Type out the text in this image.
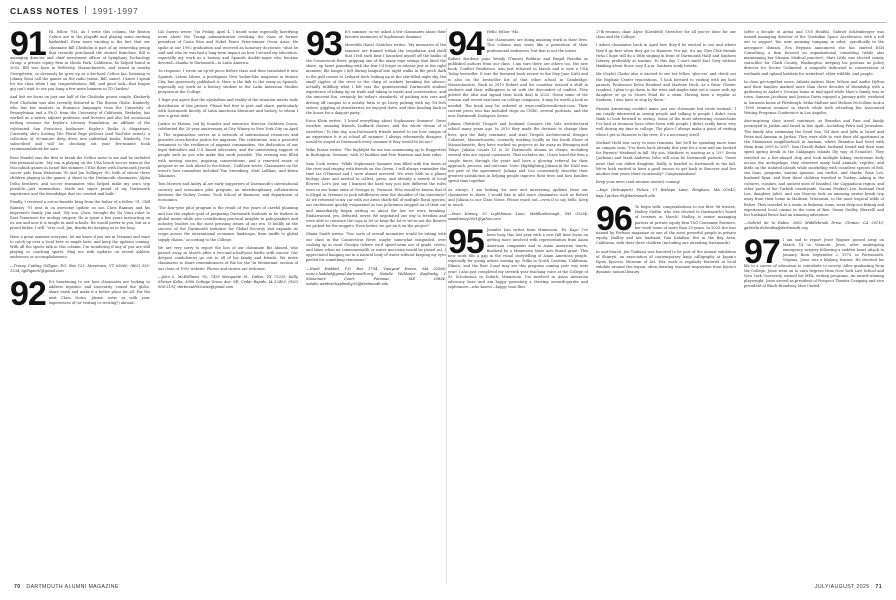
CLASS NOTES 1991-1997
91 Hi, fellow '91s. As I write this column, the Boston Celtics are in the playoffs and playing some exciting basketball. Even more exciting is the fact that our classmate Bill Chisholm is part of an ownership group that recently purchased the storied franchise. Bill is managing director and chief investment officer of Symphony Technology Group, a private equity firm in Menlo Park, California, he helped found in 2002. Bill was born in Wellesley, Massachusetts, and raised in nearby Georgetown, so obviously he grew up as a die-hard Celtics fan, listening to Johnny Most call the games on the radio (same, Bill, same). I know I speak for the class when I say congratulations, Bill, and good luck—that league gig can't wait to see you hang a few more banners in TD Garden!
And lest we focus on just one half of the Chisholm power couple, Kimberly Ford Chisholm was also recently featured in The Boston Globe. Kimberly, who has her masters in Romance languages from the University of Pennsylvania and a Ph.D. from the University of California, Berkeley, has worked as a writer, adjunct professor, and lecturer and also led occasional writing sessions for Kepler's Literary Foundation, an affiliate of the celebrated San Francisco bookstore. Kepler's Books & Magazines. Currently, she's hosting The Floral Page podcast (and YouTube series), a collection of 90-minute deep dives into individual books. Kimberly, I've subscribed and will be checking out your five-minute book recommendations for sure.
Ross Mandel was the first to break the Celtics news to me and he included this personal note: 'My son is playing on the USA beach soccer team at the Maccabiah games in Israel this summer. I'll be there with Dartmouth Jewish soccer pals Dana Weinstein '90 and Jon Sollinger '90, both of whose three children playing in the games. A shout to the Dartmouth classmates, Alpha Delta brothers, and soccer teammates who helped make my son's trip possible—just tremendous. Made me super proud of my Dartmouth experience and the friendships that we created and built.'
Finally, I received a not-so-humble brag from the father of a fellow '91, Cliff Ramsay '91 sent in on awesome update on son Chris Ramsay and his impressive family. Jim said, 'My son, Chris, brought the Da Vinci robot to East Tennessee for urology surgery. He is spent a few years instructing on its use and now it is taught in med schools. He would prefer to you, but as a proud father, I will.' Very cool, Jim, thanks for keeping us in the loop.
Have a great summer everyone, let me know if you are in Vermont and want to catch up over a local beer or maple latte, and keep the updates coming. With all the sports talk in this column, I'm wondering if any of you are still playing or coaching sports. Ping me with updates on recent athletic endeavors or accomplishments.
—Tracey Cutting Gilligan, P.O. Box 123, Moretown, VT 05660; (802) 555-1234; tgilligan91@gmail.com
92 It's heartening to see how classmates are looking to address injustice and insecurity 'round the globe, share earth and make it a better place for all. For the next Class Notes, please write in with your experiences of (or visiting or retiring?) abroad.
Lili Guerra wrote: 'On Friday, April 4, I heard some especially horrifying news about the Trump administration revoking the visas of former president of Costa Rica and Nobel Peace Prize-winner Óscar Arias. He spoke at our 1992 graduation and received an honorary doctorate; what he said and who he was had a long-term impact on how I viewed my education, especially my work as a history and Spanish double-major who became devoted—thanks to Dartmouth—to Latin America.
'In response, I wrote an op-ed piece before class and then translated it into Spanish. Letras Libres, a prestigious New Yorker-like magazine in Mexico City, has generously published it. Here is the link to the essay in Spanish, especially my work as a history student in the Latin American Studies program at the College.
'I hope you agree that the symbolism and reality of the situation merits wide distribution of this protest. Please feel free to post and share, particularly with Dartmouth faculty of Latin American literature and history, to whom I owe a great debt.'
Justice in Motion, led by founder and executive director Cathleen Caron, celebrated the 20-year anniversary at City Winery in New York City on April 3. The organization serves as a network of international resources and provides cross-border justice for migrants. The celebration 'was a powerful testament to the resilience of migrant communities, the dedication of our legal defenders and U.S.-based advocates, and the unwavering support of people such as you who make this work possible. The evening was filled with moving stories, inspiring conversations, and a renewed sense of purpose as we look ahead to the future,' Cathleen wrote. Classmates on the event's host committee included Tim Greenberg, Matt LeBlanc, and Kenta Takamori.
Tom Morrow and Andry Al are early supporters of Dartmouth's international security and economics pilot program, an interdisciplinary collaboration between the Dickey Center, Tuck School of Business, and department of economics.
'The four-year pilot program is the result of two years of careful planning and has the explicit goal of preparing Dartmouth students to be leaders in global issues while also contributing practical insights to policymakers and industry leaders on the most pressing issues of our era. It builds on the success of the Dartmouth Initiative for Global Security and expands its scope across the international economic landscape, from tariffs to global supply chains,' according to the College.
We are very sorry to report the loss of our classmate Riz Ahmed, who passed away in March after a two-and-a-half-year battle with cancer. Our deepest condolences go out to all of his family and friends. We invite classmates to share remembrances of Riz for the 'In Memoriam' section of our class of 1992 website. Photos and stories are welcome.
—John L. McWilliams '92, 7429 Marquette St., Dallas, TX 75225; Kelly Shriver Kolin, 3900 Cottage Grove Ave. SE, Cedar Rapids, IA 52403; (920) 906-2193; dartmouth92news@gmail.com
93 It's summer, so we asked a few classmates about their favorite memories of Sophomore Summer.
Meredith (Katz) Gantcher writes: 'My memories of the summer are framed within the trepidation and thrill that I felt each time I launched myself off the banks of the Connecticut River, gripping one of the many rope swings that lined the shore, up heart pounding with the fear I'd forget to release just at the right moment; the longer I felt during languid late night walks in the pitch dark to the golf course or Ledyard dock looking up at the star-filled night sky, the small ripples of the river or the chirp of crickets breaking the silence; actually fulfilling what I felt was the quintessential Dartmouth student experience of hiking up on trails and taking in meals and conversation; and the innocent fun, certainly for today's standards, of packing into cars and driving off campus to a nearby farm to go berry picking with my Tri-Delt sisters, giggling at strawberries we enjoyed there, and then heading back to the house for a daiquiri party.'
Erica Klein writes: 'I loved everything about Sophomore Summer! Great weather, amazing friends, laidback classes, and the whole dream of it ourselves! To this day, non-Dartmouth friends marvel to me how unique of an experience it is at school all summer. I always vehemently disagree. I would've stayed at Dartmouth every summer if they would've let me!'
Mike Fraser writes: 'The highlight for me was summoning up to Ruggerfest in Burlington, Vermont, with 20 buddies and Pete Harrison and boat rides.'
Sam Cook writes: 'While Sophomore Summer was filled with fun times at the river and ringing with friends on the Green, I will always remember the time Liz O'Hanrad and I were almost arrested. We were both in a planet biology class and needed to collect, press, and identify a variety of local flowers. Let's just say I learned the hard way just how different the rules were in our home state of Georgia vs. Vermont. Who would've known that it is illegal in Vermont to pick wildflowers near the shoulder of the interstate? As we returned to my car with our arms chock-full of multiple floral species, our excitement quickly evaporated as two policemen stopped on of their car and immediately began writing us about the law we were breaking. Embarrassed, yes, defeated, never. We negotiated our way to freedom and were able to convince the cops to let us keep the lot to we're not the flowers we picked for the nuggets. Even better, we got an A on the project!'
Shana Smith writes: 'Two sorts of overall memories would be tubing with our class in the Connecticut River, maybe somewhat misguided, over cooking up in rural Georgia (where we'd speed-swim out of grade, rivers, and lakes when no commonwealth or water moccasin would be joined us). I appreciated hanging out in a natural body of water without keeping my eyes peeled for something venomous!'
—Nunb Haddad, P.O. Box 1754, Vineyard Haven, MA 02568; nunz.r.haddad@gmail.dartmouth.org; Natalie Weldoner Kaplinsky, 1 Stonemore Court, Potomac, MD 20854; natalie.weidner.kaplinsky.93@dartmouth.edu
94 Hello, fellow '94s.
Our classmates are doing amazing work in their lives. This column may seem like a promotion of their professional endeavors, but that is not the intent.
Robert Bordone joins Wendy (Timms) Robbins and Brigid Pasulka as published authors from our class. I am sure there are others too. His new book, Conflict Resilience, was just released in March and is now a USA Today bestseller. It was the featured book review in the May-June DAM and is also on the bestseller list of that other school in Cambridge, Massachusetts. Back in 2019 Robert and his coauthor noticed a shift in students and their willingness to sit with the discomfort of conflict. They piloted the idea and signed their book deal in 2022. Given some of the tension and recent reactions on college campuses, it may be worth a look as needed. The book may be ordered at www.conflictresilience.com. Their current press tour has included stops on CNBC, several podcasts, and the new Dartmouth Dialogues Series.
Juliana (Wettick) Tiropoli and husband Conners the Vale architectural school many years ago. In 2010 they made the decision to change their lives, quit the daily commute, and start Tiropoli Architectural Design's Cohasset, Massachusetts, currently working locally on the South Shore of Massachusetts, they have worked on projects as far away as Winnipeg and Tokyo. Juliana counts 15 to 20 Dartmouth alumni as clients, including several who are repeat customers. That includes me; I have hired the firm a couple times through the years and have a glowing referral for their approach, process, and outcome. Note: Highlighting Juliana in the DAM was not part of the agreement! Juliana and Ceo consistently describe their greatest satisfaction in helping people improve their lives and how families spend time together.
As always, I am looking for new and interesting updates from our classmates to share. I would like to add more classmates such as Robert and Juliana to our Class Notes. Please reach out—even if to say hello. Keep in touch.
—Sean Kinney, 53 Lighthouse Lane, Middlesborough, NH 03234; seankinney2001@yahoo.com
95 Jennifer Lim writes from Minnesota: 'Hi, Kaja! I've been busy this last year with a new full time focus on getting more involved with representation from Asian American companies and to Asian American tenets, finalized by a Minnesota State Arts Board grant. This new work fills a gap in the visual storytelling of Asian American people, especially for young artists coming up. Folks in North Carolina, California, Illinois, and the East Coast may see this program coming your way next year! I also just completed my seventh year teaching voice at the College of St. Scholastica in Duluth, Minnesota. I'm involved in Asian American advocacy here and am happy parenting a thriving seventh-grader and sophomore—who knows—happy soon flies.'
27th-reunion chair Alyse (Kornfeld) Streicher for all you've done for our class and the College.
I asked classmates back in April how they'd be excited to see and where they'd go first when they got to Hanover. For me, it's my Glee Club friends (who I hope will do a little singing in front of Dartmouth Hall) and Sanborn Library, preferably at teatime. To this day, I can't smell Earl Grey without thinking about those cozy 4 p.m. Sanborn study breaks.
Ifir (Soyhi) Clarke also is excited to see her fellow 'glee-ers' and check out the Hopkins Center renovations. 'I look forward to visiting with my host parents, Professors Kevin Reinhart and Marlene Heck. As a River Cluster resident, I plan to go down to the river and maybe take out a canoe with my daughter or go to Storrs Pond for a swim. Having been a regular at Sanborn, I also have to stop by there.'
Pamela Armstrong couldn't name just one classmate but wrote instead: 'I am totally interested in seeing people and talking to people I didn't even think to look forward to seeing. Some of the most interesting connections I've had at reunions have often been with people I didn't really know very well during my time in college. The place I always make a point of visiting when I get to Hanover is the river. It's a necessary stroll.'
Michael Hold was sorry to miss reunions, but he'll be spending more time on campus soon. 'I've been back already this year for a tour and am booked for Parents' Weekend in fall. My son, Matthew, is starting as a '29!' Devin (Jackson) and Mark Andrews (who will soon be Dartmouth parents. 'Great news that our oldest daughter, Reilly, is headed to Dartmouth in the fall. We're both excited to have a good excuse to get back to Hanover and live another four years there vicariously!' Congratulations!
Keep your news (and reunion stories) coming!
—Kaja (Schuppert) Pickes, 11 Bishops Lane, Hingham, MA 02043; kaja.l.pickes.95@dartmouth.edu
96 To begin with, congratulations to our first '96 trustee, Hadley Mullin, who was elected to Dartmouth's board of trustees in March! Hadley is senior managing partner at private equity firm TSG Consumer Partners, her work home of more than 20 years. In 2023 she was named by Fortune magazine as one of the most powerful people in private equity. Hadley and her husband, Dan Kalafian, live in the Bay Area, California, with their three children (including one attending Dartmouth).
In mid-March, Jen Tsakumi was honored to be part of the annual exhibition of Shinryū, an association of contemporary kanji calligraphy at Japan's Kyoto Kyocera Museum of Art. Her work is regularly featured in local exhibits around the region, often drawing seasonal inspiration from Kyoto's dynamic natural beauty.
(after a decade at Aetna and CVS Health). Gabriel Schlemberger was named managing director of the Quotidian Space Accelerator, with a roll out to support 'the next amazing company in orbit,' specifically in the aerospace domain. Eva Heyman announced she has started ESH Consulting, a firm focused on organizational consulting (while also maintaining her Mission Medical practice), Matt Little was elected county councillor for Clark County, Washington, keeping his position as policy director for Doctor Unlimited, a nonprofit dedicated to conservation of wetlands and upland habitats for waterfowl, other wildlife, and people.
In class get-together news, Atlanta natives Marc Wilson and Andre Hylton and their families marked more than three decades of friendship with a gathering at Andre's Georgia home in mid-April while Marc's family was in town. Samesa Jacobson and Jessica Davis enjoyed a January girls' weekend in Sarasota home of Pittsburgh. Erika Maltner and Melissa McCollum took a '1990 reunion reunion' in March while both attending the Associated Writing Programs Conference in Los Angeles.
Awe-inspiring class travel continues, as Brandon and Pam and family journeyed to Jordan and Israel in late April—including Petra and Jerusalem. The family also swimming the Dead Sea, Tel Aviv, and Jaffa in Israel and Petra and Amman in Jordan. They were able to visit their old apartment in the Shemesani neighborhood in Amman, where Brandon had lived with them from 2005 to 2007. Dan (David) Baker, husband Daniel and their sons spent spring break in the Galapagos Islands (by way of Ecuador). They traveled on a live-aboard ship and took multiple hiking excursions daily across the archipelago, they observed many land animals, reptiles, and birds on the isolated islands while snorkeling with countless species of fish, sea lions, penguins, marine iguanas, sea turtles, and sharks. Rose Lee, husband Ryan, and their three children traveled to Turkey—taking in the cultures, cuisines, and ancient sites of Istanbul, the Cappadocia region, and other parts of the Turkish countryside. Naomi (Parker) Lee, husband Paul Lee, daughter Juliet, and son Marcus took an amazing winter break trip away from their home in Madison, Wisconsin, to the most tropical wilds of Belize. They traveled to a rustic in Belizean ruins, went deep-sea fishing and experienced local cuisine in the town of Ben. Susan Dudley (Burrell) and her husband Bruce had an amazing adventure.
—Gabriel de la Rubia, 3062 Middlebrook Drive, Clinton, CA 20115; gabriela.delarubia@dartmouth.org
97 I am sad to report Jesse Wagner passed away on March 14 in Vermont. Jesse, after undergoing emergency surgery following a sudden heart attack in January. Born September 2, 1975, in Portsmouth, Virginia, Jesse was a lifelong learner. He devoted his life to a career of education to contribute to society. After graduating from the College, Jesse went on to earn degrees from New York Law School and New York University, earned his MFA, writing programs. An award-winning playwright, Jesse served as president of Prospect Theater Company and vice president of Black Broadway Men United.
70 DARTMOUTH ALUMNI MAGAZINE	JULY/AUGUST 2025 71
